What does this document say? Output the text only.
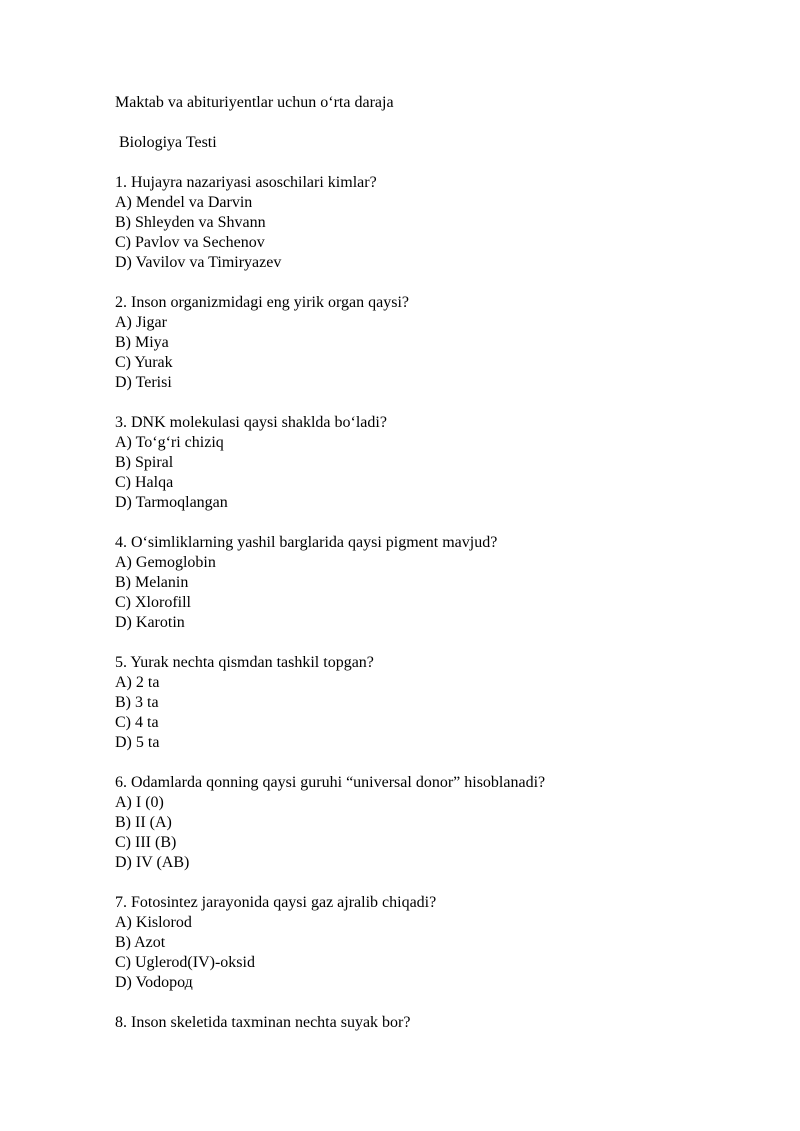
Maktab va abituriyentlar uchun o‘rta daraja
Biologiya Testi
1. Hujayra nazariyasi asoschilari kimlar?
A) Mendel va Darvin
B) Shleyden va Shvann
C) Pavlov va Sechenov
D) Vavilov va Timiryazev
2. Inson organizmidagi eng yirik organ qaysi?
A) Jigar
B) Miya
C) Yurak
D) Terisi
3. DNK molekulasi qaysi shaklda bo‘ladi?
A) To‘g‘ri chiziq
B) Spiral
C) Halqa
D) Tarmoqlangan
4. O‘simliklarning yashil barglarida qaysi pigment mavjud?
A) Gemoglobin
B) Melanin
C) Xlorofill
D) Karotin
5. Yurak nechta qismdan tashkil topgan?
A) 2 ta
B) 3 ta
C) 4 ta
D) 5 ta
6. Odamlarda qonning qaysi guruhi “universal donor” hisoblanadi?
A) I (0)
B) II (A)
C) III (B)
D) IV (AB)
7. Fotosintez jarayonida qaysi gaz ajralib chiqadi?
A) Kislorod
B) Azot
C) Uglerod(IV)-oksid
D) Vodoрод
8. Inson skeletida taxminan nechta suyak bor?
